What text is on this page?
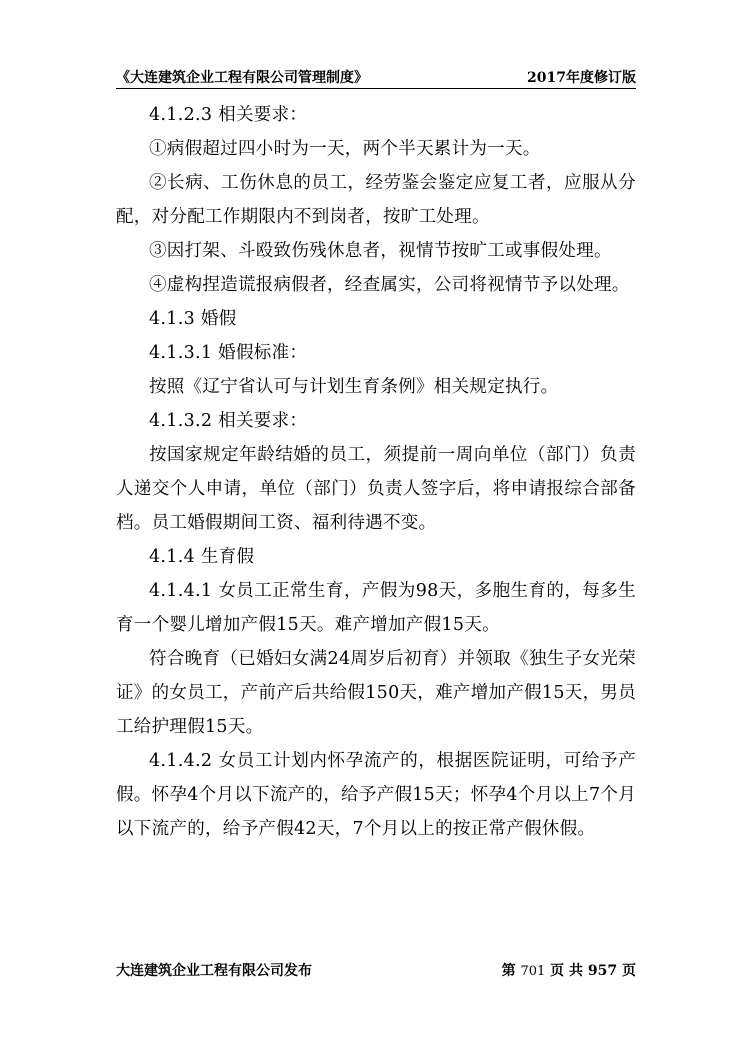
《大连建筑企业工程有限公司管理制度》	2017年度修订版

4.1.2.3 相关要求：

①病假超过四小时为一天，两个半天累计为一天。

②长病、工伤休息的员工，经劳鉴会鉴定应复工者，应服从分配，对分配工作期限内不到岗者，按旷工处理。

③因打架、斗殴致伤残休息者，视情节按旷工或事假处理。

④虚构捏造谎报病假者，经查属实，公司将视情节予以处理。

4.1.3 婚假

4.1.3.1 婚假标准：

按照《辽宁省认可与计划生育条例》相关规定执行。

4.1.3.2 相关要求：

按国家规定年龄结婚的员工，须提前一周向单位（部门）负责人递交个人申请，单位（部门）负责人签字后，将申请报综合部备档。员工婚假期间工资、福利待遇不变。

4.1.4 生育假

4.1.4.1 女员工正常生育，产假为98天，多胞生育的，每多生育一个婴儿增加产假15天。难产增加产假15天。

符合晚育（已婚妇女满24周岁后初育）并领取《独生子女光荣证》的女员工，产前产后共给假150天，难产增加产假15天，男员工给护理假15天。

4.1.4.2 女员工计划内怀孕流产的，根据医院证明，可给予产假。怀孕4个月以下流产的，给予产假15天；怀孕4个月以上7个月以下流产的，给予产假42天，7个月以上的按正常产假休假。

大连建筑企业工程有限公司发布	第 701 页 共 957 页
